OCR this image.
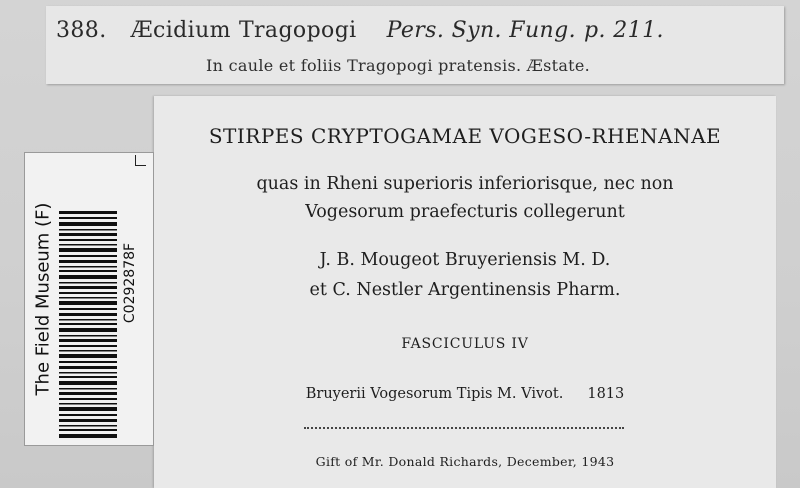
388. Æcidium Tragopogi Pers. Syn. Fung. p. 211.
In caule et foliis Tragopogi pratensis. Æstate.
STIRPES CRYPTOGAMAE VOGESO-RHENANAE
quas in Rheni superioris inferiorisque, nec non
Vogesorum praefecturis collegerunt
J. B. Mougeot Bruyeriensis M. D.
et C. Nestler Argentinensis Pharm.
FASCICULUS IV
Bruyerii Vogesorum Tipis M. Vivot. 1813
Gift of Mr. Donald Richards, December, 1943
The Field Museum (F)	C0292878F
